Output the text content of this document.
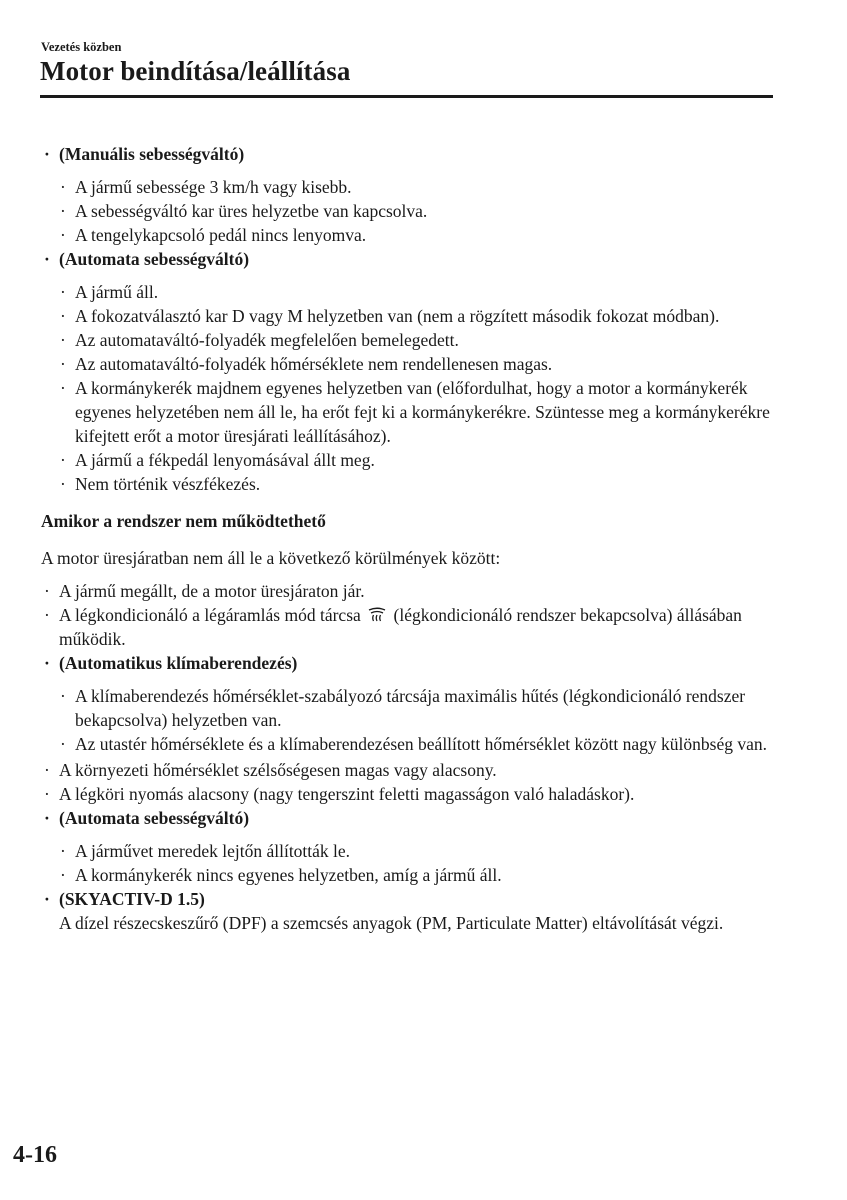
Vezetés közben
Motor beindítása/leállítása
· (Manuális sebességváltó)
· A jármű sebessége 3 km/h vagy kisebb.
· A sebességváltó kar üres helyzetbe van kapcsolva.
· A tengelykapcsoló pedál nincs lenyomva.
· (Automata sebességváltó)
· A jármű áll.
· A fokozatválasztó kar D vagy M helyzetben van (nem a rögzített második fokozat módban).
· Az automataváltó-folyadék megfelelően bemelegedett.
· Az automataváltó-folyadék hőmérséklete nem rendellenesen magas.
· A kormánykerék majdnem egyenes helyzetben van (előfordulhat, hogy a motor a kormánykerék egyenes helyzetében nem áll le, ha erőt fejt ki a kormánykerékre. Szüntesse meg a kormánykerékre kifejtett erőt a motor üresjárati leállításához).
· A jármű a fékpedál lenyomásával állt meg.
· Nem történik vészfékezés.
Amikor a rendszer nem működtethető
A motor üresjáratban nem áll le a következő körülmények között:
· A jármű megállt, de a motor üresjáraton jár.
· A légkondicionáló a légáramlás mód tárcsa (légkondicionáló rendszer bekapcsolva) állásában működik.
· (Automatikus klímaberendezés)
· A klímaberendezés hőmérséklet-szabályozó tárcsája maximális hűtés (légkondicionáló rendszer bekapcsolva) helyzetben van.
· Az utastér hőmérséklete és a klímaberendezésen beállított hőmérséklet között nagy különbség van.
· A környezeti hőmérséklet szélsőségesen magas vagy alacsony.
· A légköri nyomás alacsony (nagy tengerszint feletti magasságon való haladáskor).
· (Automata sebességváltó)
· A járművet meredek lejtőn állították le.
· A kormánykerék nincs egyenes helyzetben, amíg a jármű áll.
· (SKYACTIV-D 1.5)
A dízel részecskeszűrő (DPF) a szemcsés anyagok (PM, Particulate Matter) eltávolítását végzi.
4-16
